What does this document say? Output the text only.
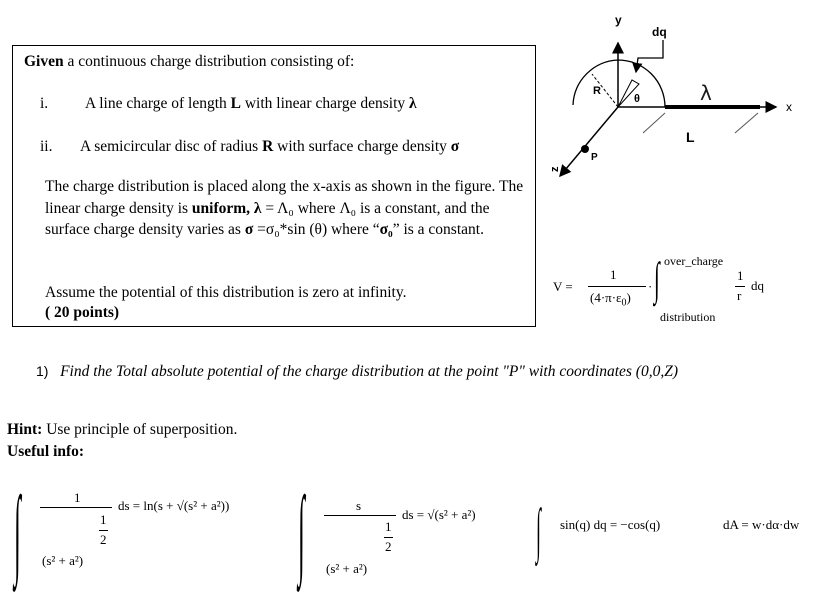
Given a continuous charge distribution consisting of:
i. A line charge of length L with linear charge density λ
ii. A semicircular disc of radius R with surface charge density σ
The charge distribution is placed along the x-axis as shown in the figure. The linear charge density is uniform, λ = Λ₀ where Λ₀ is a constant, and the surface charge density varies as σ =σ₀*sin (θ) where “σ₀” is a constant.
Assume the potential of this distribution is zero at infinity.
( 20 points)
y
x
z
dq
R
θ	λ
L
P
V =
1
$(4\cdot\pi\cdot\varepsilon_0)$
· ∫ over_charge
distribution
1
r
dq
1) Find the Total absolute potential of the charge distribution at the point "P" with coordinates (0,0,Z)
Hint: Use principle of superposition.
Useful info:
∫	1
1
2
(s² + a²)
ds = ln(s + √(s² + a²)) ∫	s
1
2
(s² + a²)
ds = √(s² + a²) ∫ sin(q) dq = −cos(q)	dA = w·dα·dw
